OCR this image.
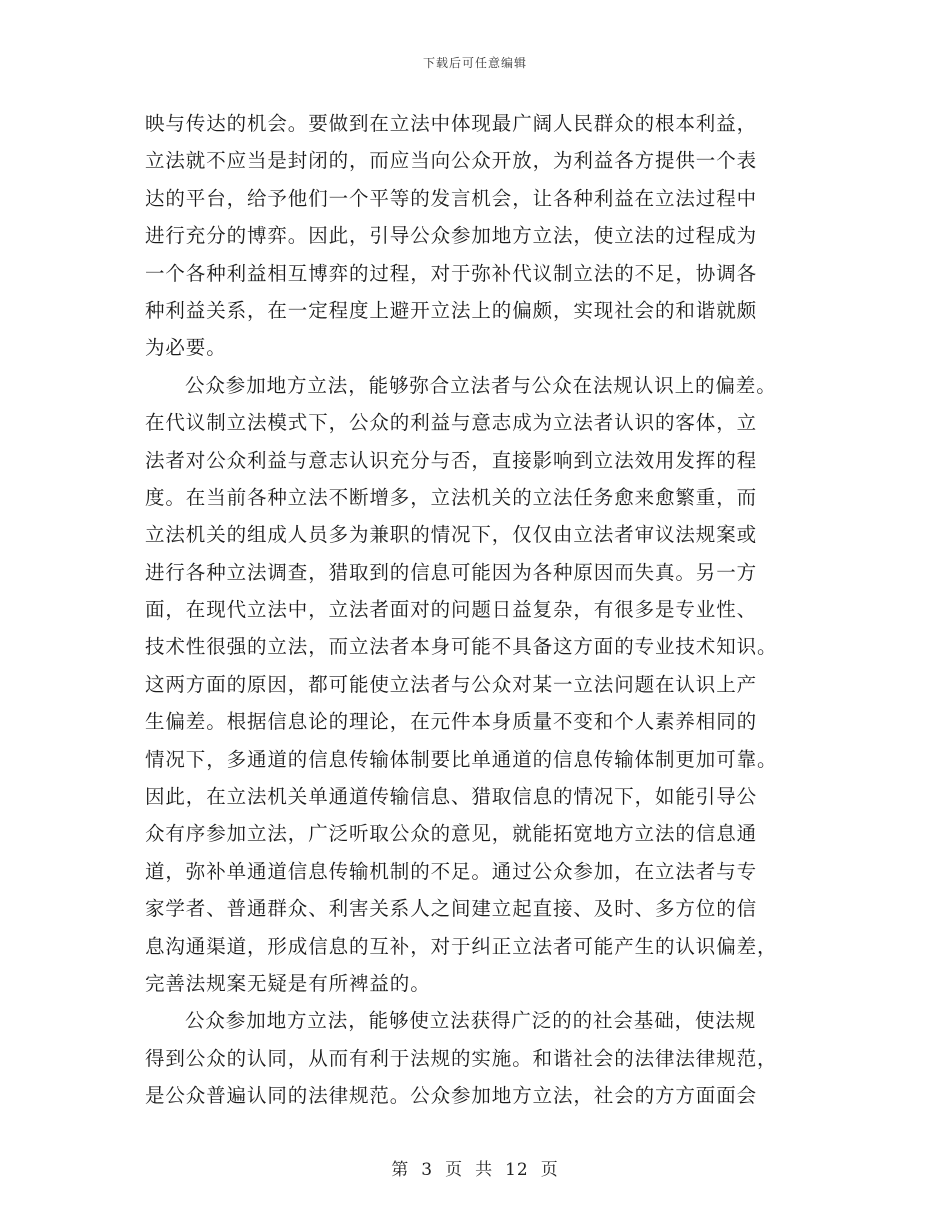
下载后可任意编辑
映与传达的机会。要做到在立法中体现最广阔人民群众的根本利益，
立法就不应当是封闭的，而应当向公众开放，为利益各方提供一个表
达的平台，给予他们一个平等的发言机会，让各种利益在立法过程中
进行充分的博弈。因此，引导公众参加地方立法，使立法的过程成为
一个各种利益相互博弈的过程，对于弥补代议制立法的不足，协调各
种利益关系，在一定程度上避开立法上的偏颇，实现社会的和谐就颇
为必要。
公众参加地方立法，能够弥合立法者与公众在法规认识上的偏差。
在代议制立法模式下，公众的利益与意志成为立法者认识的客体，立
法者对公众利益与意志认识充分与否，直接影响到立法效用发挥的程
度。在当前各种立法不断增多，立法机关的立法任务愈来愈繁重，而
立法机关的组成人员多为兼职的情况下，仅仅由立法者审议法规案或
进行各种立法调查，猎取到的信息可能因为各种原因而失真。另一方
面，在现代立法中，立法者面对的问题日益复杂，有很多是专业性、
技术性很强的立法，而立法者本身可能不具备这方面的专业技术知识。
这两方面的原因，都可能使立法者与公众对某一立法问题在认识上产
生偏差。根据信息论的理论，在元件本身质量不变和个人素养相同的
情况下，多通道的信息传输体制要比单通道的信息传输体制更加可靠。
因此，在立法机关单通道传输信息、猎取信息的情况下，如能引导公
众有序参加立法，广泛听取公众的意见，就能拓宽地方立法的信息通
道，弥补单通道信息传输机制的不足。通过公众参加，在立法者与专
家学者、普通群众、利害关系人之间建立起直接、及时、多方位的信
息沟通渠道，形成信息的互补，对于纠正立法者可能产生的认识偏差，
完善法规案无疑是有所裨益的。
公众参加地方立法，能够使立法获得广泛的的社会基础，使法规
得到公众的认同，从而有利于法规的实施。和谐社会的法律法律规范，
是公众普遍认同的法律规范。公众参加地方立法，社会的方方面面会
第 3 页 共 12 页
